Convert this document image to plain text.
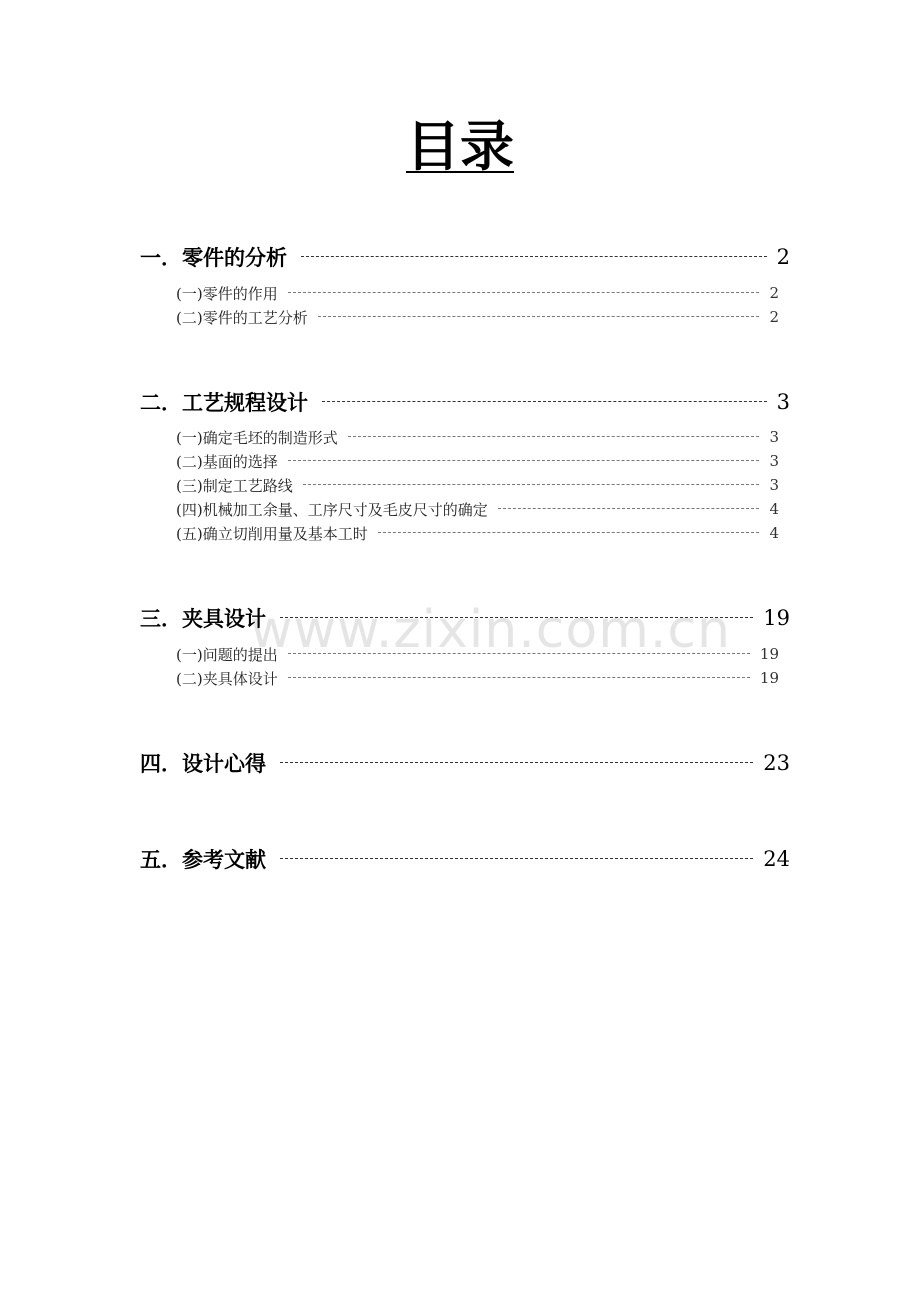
目录
www.zixin.com.cn
一．零件的分析	2
(一)零件的作用	2
(二)零件的工艺分析	2
二．工艺规程设计	3
(一)确定毛坯的制造形式	3
(二)基面的选择	3
(三)制定工艺路线	3
(四)机械加工余量、工序尺寸及毛皮尺寸的确定	4
(五)确立切削用量及基本工时	4
三．夹具设计	19
(一)问题的提出	19
(二)夹具体设计	19
四．设计心得	23
五．参考文献	24
